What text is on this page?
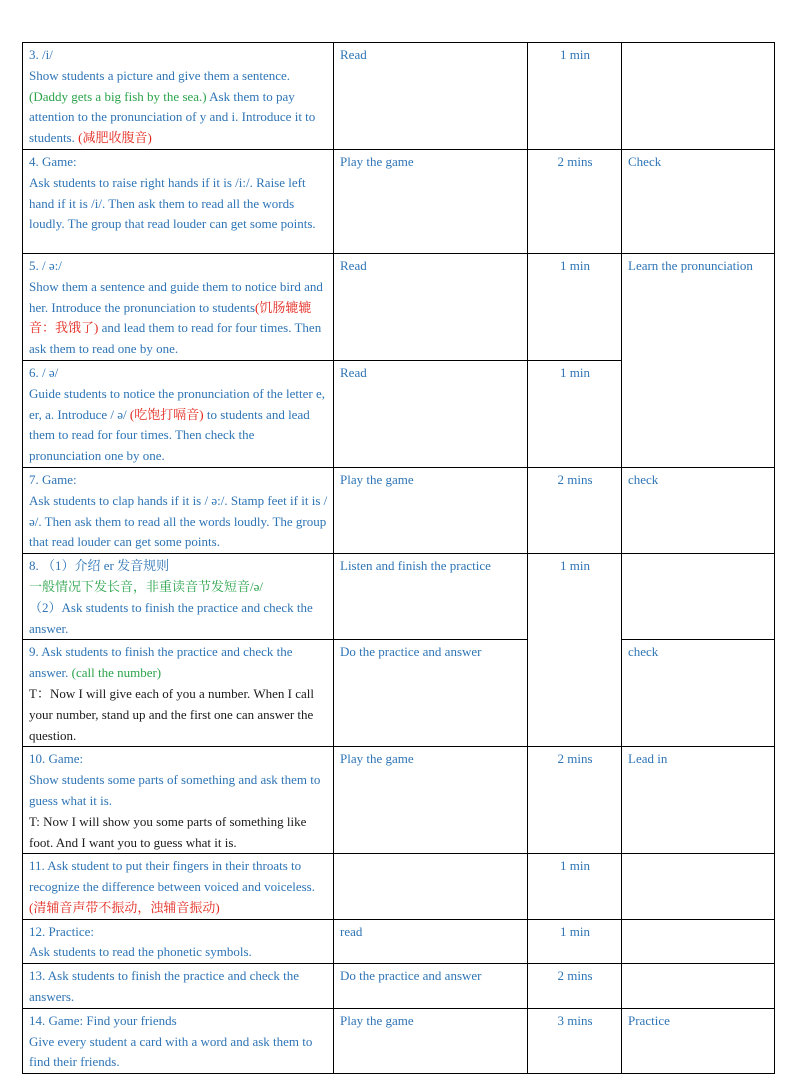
3. /i/
Show students a picture and give them a sentence. (Daddy gets a big fish by the sea.) Ask them to pay attention to the pronunciation of y and i. Introduce it to students. (减肥收腹音)	Read	1 min	

4. Game:
Ask students to raise right hands if it is /i:/. Raise left hand if it is /i/. Then ask them to read all the words loudly. The group that read louder can get some points.	Play the game	2 mins	Check

5. / ə:/
Show them a sentence and guide them to notice bird and her. Introduce the pronunciation to students(饥肠辘辘音：我饿了) and lead them to read for four times. Then ask them to read one by one.	Read	1 min	Learn the pronunciation

6. / ə/
Guide students to notice the pronunciation of the letter e, er, a. Introduce / ə/ (吃饱打嗝音) to students and lead them to read for four times. Then check the pronunciation one by one.	Read	1 min	

7. Game:
Ask students to clap hands if it is / ə:/. Stamp feet if it is / ə/. Then ask them to read all the words loudly. The group that read louder can get some points.	Play the game	2 mins	check

8. （1）介绍 er 发音规则
一般情况下发长音，非重读音节发短音/ə/
（2）Ask students to finish the practice and check the answer.	Listen and finish the practice	1 min	
9. Ask students to finish the practice and check the answer. (call the number)
T：Now I will give each of you a number. When I call your number, stand up and the first one can answer the question.	Do the practice and answer		check

10. Game:
Show students some parts of something and ask them to guess what it is.
T: Now I will show you some parts of something like foot. And I want you to guess what it is.	Play the game	2 mins	Lead in
11. Ask student to put their fingers in their throats to recognize the difference between voiced and voiceless. (清辅音声带不振动，浊辅音振动)		1 min	

12. Practice:
Ask students to read the phonetic symbols.	read	1 min	
13. Ask students to finish the practice and check the answers.	Do the practice and answer	2 mins	

14. Game: Find your friends
Give every student a card with a word and ask them to find their friends.	Play the game	3 mins	Practice
